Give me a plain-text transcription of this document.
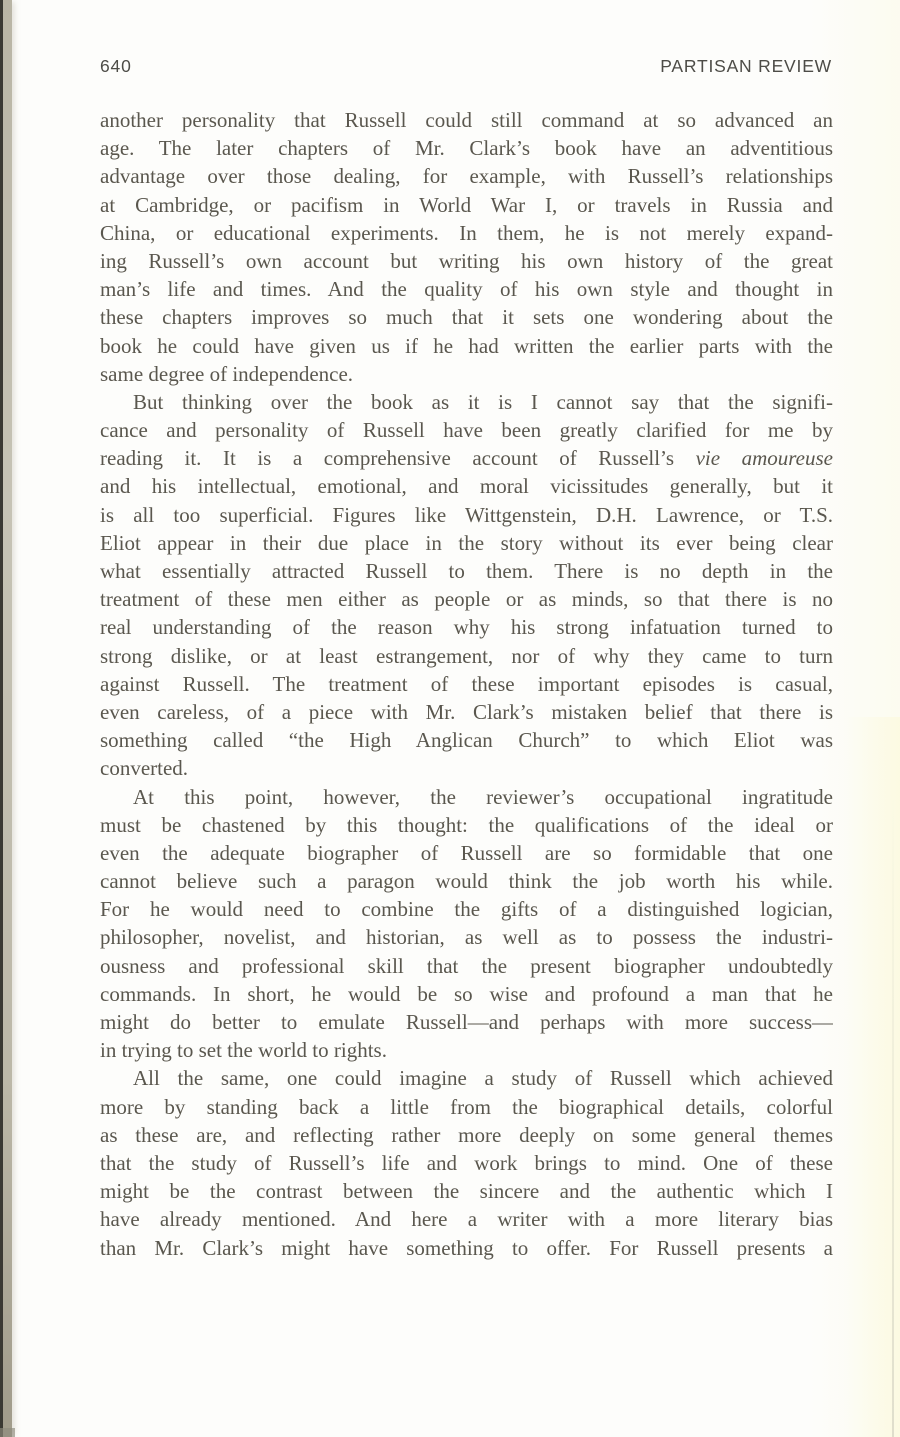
640	PARTISAN REVIEW
another personality that Russell could still command at so advanced an
age. The later chapters of Mr. Clark’s book have an adventitious
advantage over those dealing, for example, with Russell’s relationships
at Cambridge, or pacifism in World War I, or travels in Russia and
China, or educational experiments. In them, he is not merely expand-
ing Russell’s own account but writing his own history of the great
man’s life and times. And the quality of his own style and thought in
these chapters improves so much that it sets one wondering about the
book he could have given us if he had written the earlier parts with the
same degree of independence.
But thinking over the book as it is I cannot say that the signifi-
cance and personality of Russell have been greatly clarified for me by
reading it. It is a comprehensive account of Russell’s vie amoureuse
and his intellectual, emotional, and moral vicissitudes generally, but it
is all too superficial. Figures like Wittgenstein, D.H. Lawrence, or T.S.
Eliot appear in their due place in the story without its ever being clear
what essentially attracted Russell to them. There is no depth in the
treatment of these men either as people or as minds, so that there is no
real understanding of the reason why his strong infatuation turned to
strong dislike, or at least estrangement, nor of why they came to turn
against Russell. The treatment of these important episodes is casual,
even careless, of a piece with Mr. Clark’s mistaken belief that there is
something called “the High Anglican Church” to which Eliot was
converted.
At this point, however, the reviewer’s occupational ingratitude
must be chastened by this thought: the qualifications of the ideal or
even the adequate biographer of Russell are so formidable that one
cannot believe such a paragon would think the job worth his while.
For he would need to combine the gifts of a distinguished logician,
philosopher, novelist, and historian, as well as to possess the industri-
ousness and professional skill that the present biographer undoubtedly
commands. In short, he would be so wise and profound a man that he
might do better to emulate Russell—and perhaps with more success—
in trying to set the world to rights.
All the same, one could imagine a study of Russell which achieved
more by standing back a little from the biographical details, colorful
as these are, and reflecting rather more deeply on some general themes
that the study of Russell’s life and work brings to mind. One of these
might be the contrast between the sincere and the authentic which I
have already mentioned. And here a writer with a more literary bias
than Mr. Clark’s might have something to offer. For Russell presents a
